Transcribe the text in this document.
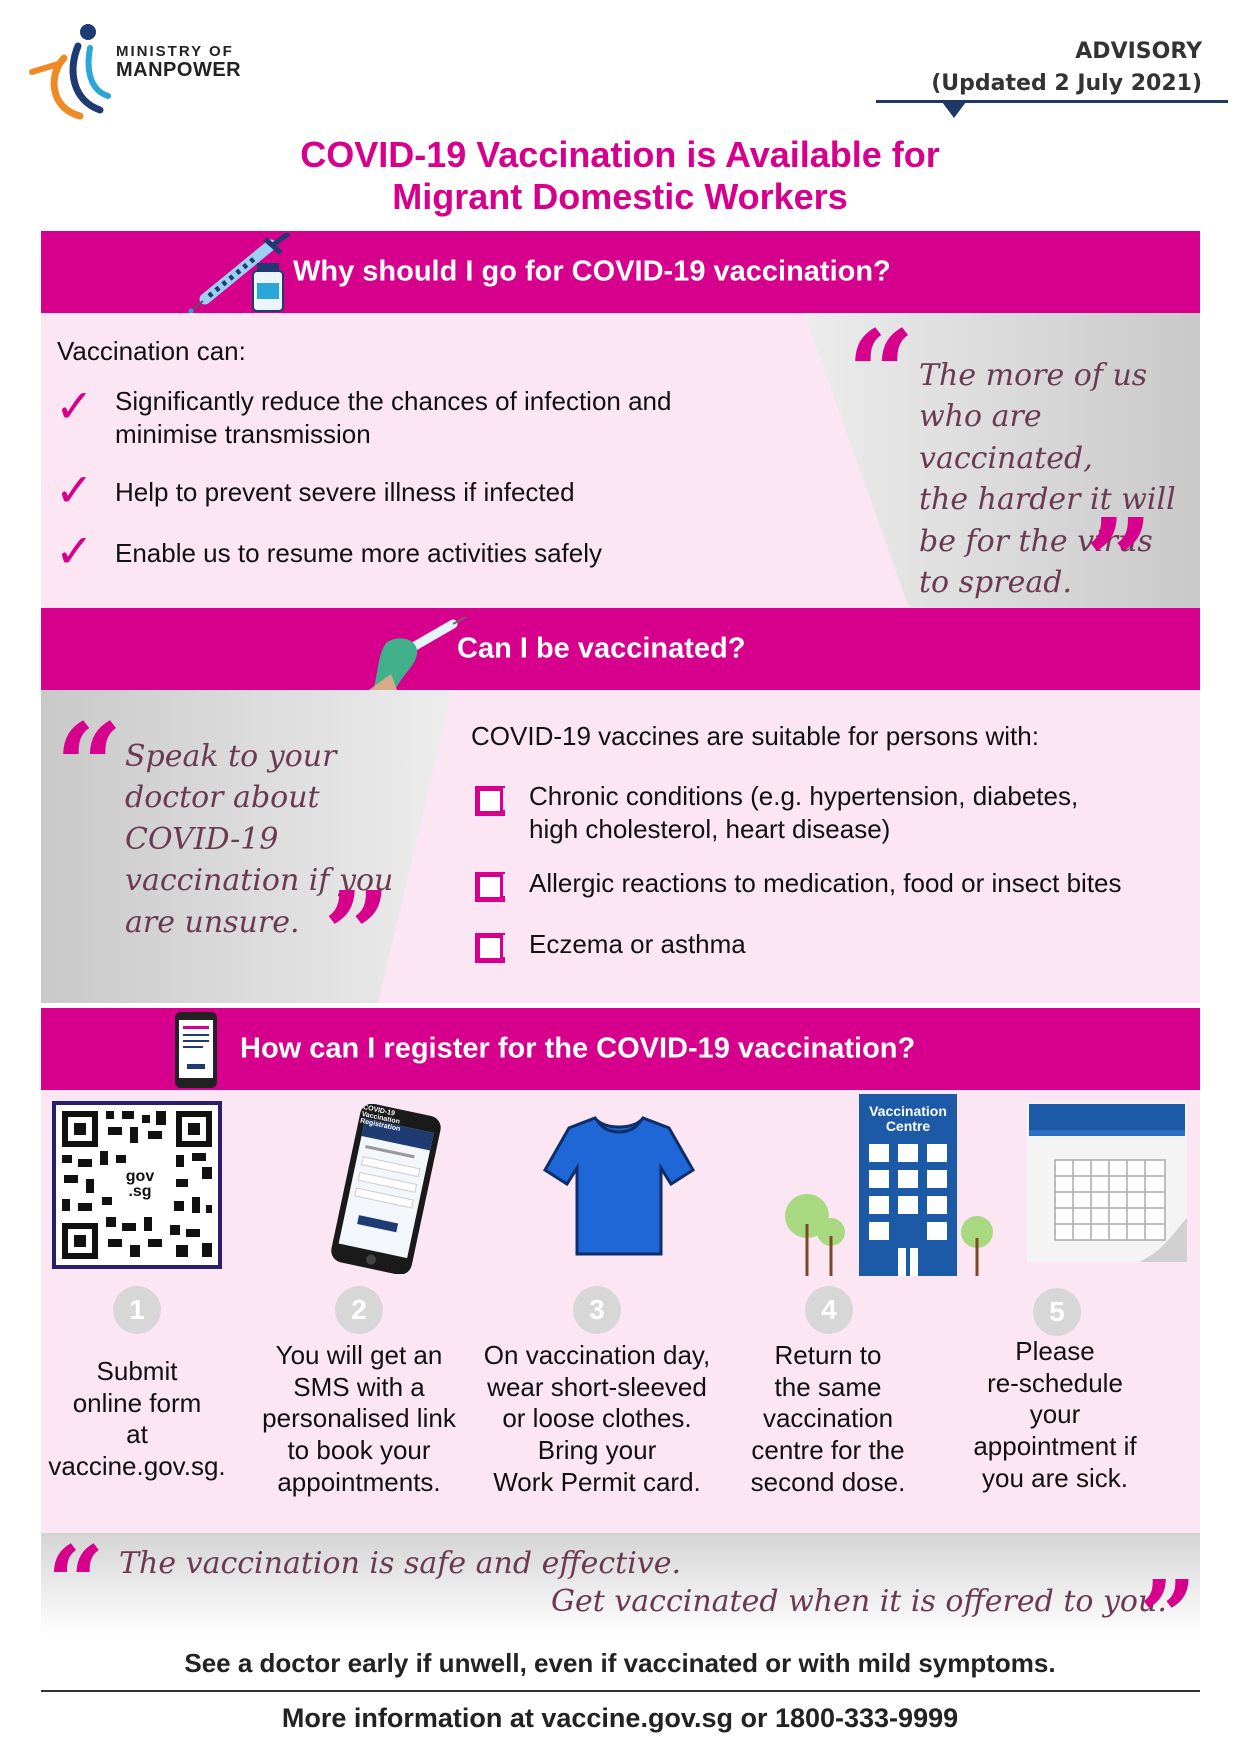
MINISTRY OF
MANPOWER
ADVISORY
(Updated 2 July 2021)
COVID-19 Vaccination is Available for
Migrant Domestic Workers
Why should I go for COVID-19 vaccination?
Vaccination can:
✓ Significantly reduce the chances of infection and
minimise transmission
✓ Help to prevent severe illness if infected
✓ Enable us to resume more activities safely
“ The more of us
who are vaccinated,
the harder it will
be for the virus
to spread. ”
Can I be vaccinated?
“ Speak to your
doctor about
COVID-19
vaccination if you
are unsure. ”
COVID-19 vaccines are suitable for persons with:
Chronic conditions (e.g. hypertension, diabetes,
high cholesterol, heart disease)
Allergic reactions to medication, food or insect bites
Eczema or asthma
How can I register for the COVID-19 vaccination?
gov
.sg
COVID-19 Vaccination Registration
Vaccination
Centre
1	2	3	4	5
Submit
online form
at
vaccine.gov.sg.
You will get an
SMS with a
personalised link
to book your
appointments.
On vaccination day,
wear short-sleeved
or loose clothes.
Bring your
Work Permit card.
Return to
the same
vaccination
centre for the
second dose.
Please
re-schedule
your
appointment if
you are sick.
“ The vaccination is safe and effective.
Get vaccinated when it is offered to you.
”
See a doctor early if unwell, even if vaccinated or with mild symptoms.
More information at vaccine.gov.sg or 1800-333-9999
